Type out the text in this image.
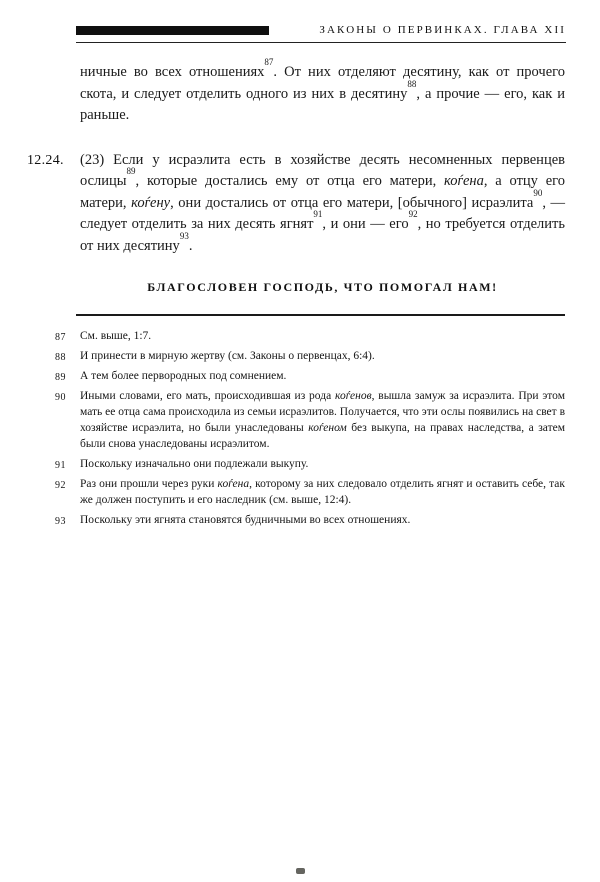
ЗАКОНЫ О ПЕРВИНКАХ. ГЛАВА XII
ничные во всех отношениях$^{87}$. От них отделяют десятину, как от прочего скота, и следует отделить одного из них в десятину$^{88}$, а прочие — его, как и раньше.
12.24. (23) Если у исраэлита есть в хозяйстве десять несомненных первенцев ослицы$^{89}$, которые достались ему от отца его матери, коѓена, а отцу его матери, коѓену, они достались от отца его матери, [обычного] исраэлита$^{90}$, — следует отделить за них десять ягнят$^{91}$, и они — его$^{92}$, но требуется отделить от них десятину$^{93}$.
БЛАГОСЛОВЕН ГОСПОДЬ, ЧТО ПОМОГАЛ НАМ!
87 См. выше, 1:7.
88 И принести в мирную жертву (см. Законы о первенцах, 6:4).
89 А тем более первородных под сомнением.
90 Иными словами, его мать, происходившая из рода коѓенов, вышла замуж за исраэлита. При этом мать ее отца сама происходила из семьи исраэлитов. Получается, что эти ослы появились на свет в хозяйстве исраэлита, но были унаследованы коѓеном без выкупа, на правах наследства, а затем были снова унаследованы исраэлитом.
91 Поскольку изначально они подлежали выкупу.
92 Раз они прошли через руки коѓена, которому за них следовало отделить ягнят и оставить себе, так же должен поступить и его наследник (см. выше, 12:4).
93 Поскольку эти ягнята становятся будничными во всех отношениях.
